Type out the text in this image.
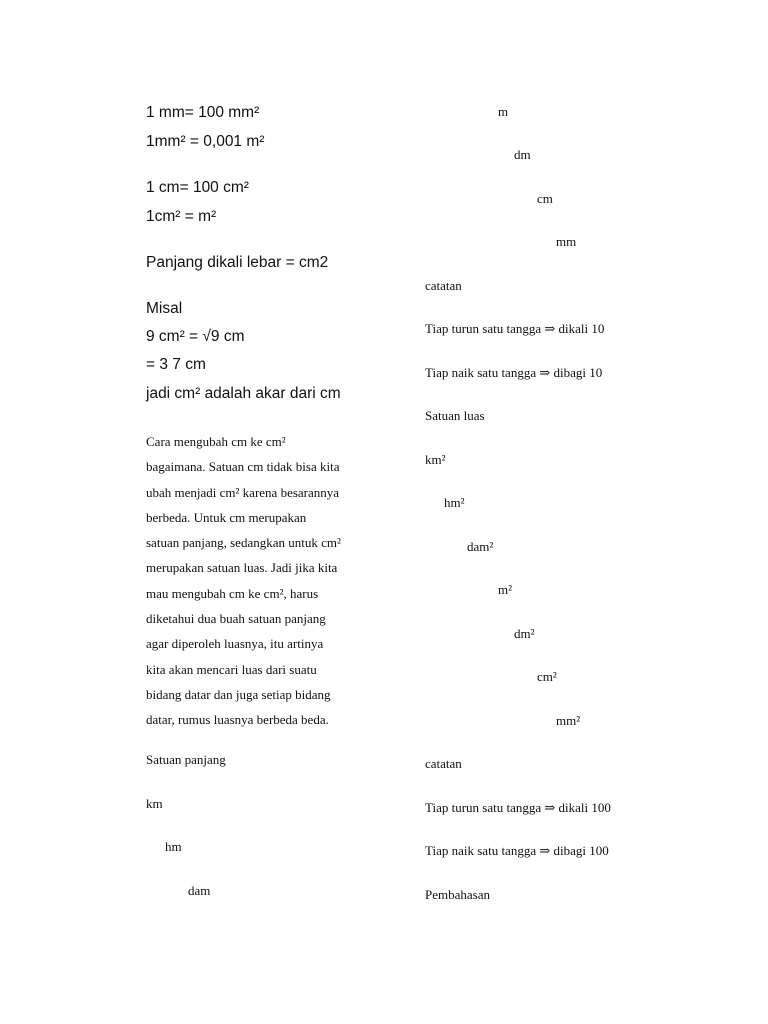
1 mm= 100 mm²
1mm² = 0,001 m²
1 cm= 100 cm²
1cm² = m²
Panjang dikali lebar = cm2
Misal
9 cm² = √9 cm
= 3 7 cm
jadi cm² adalah akar dari cm
Cara mengubah cm ke cm²
bagaimana. Satuan cm tidak bisa kita
ubah menjadi cm² karena besarannya
berbeda. Untuk cm merupakan
satuan panjang, sedangkan untuk cm²
merupakan satuan luas. Jadi jika kita
mau mengubah cm ke cm², harus
diketahui dua buah satuan panjang
agar diperoleh luasnya, itu artinya
kita akan mencari luas dari suatu
bidang datar dan juga setiap bidang
datar, rumus luasnya berbeda beda.
Satuan panjang
km
hm
dam
m
dm
cm
mm
catatan
Tiap turun satu tangga ⇒ dikali 10
Tiap naik satu tangga ⇒ dibagi 10
Satuan luas
km²
hm²
dam²
m²
dm²
cm²
mm²
catatan
Tiap turun satu tangga ⇒ dikali 100
Tiap naik satu tangga ⇒ dibagi 100
Pembahasan
